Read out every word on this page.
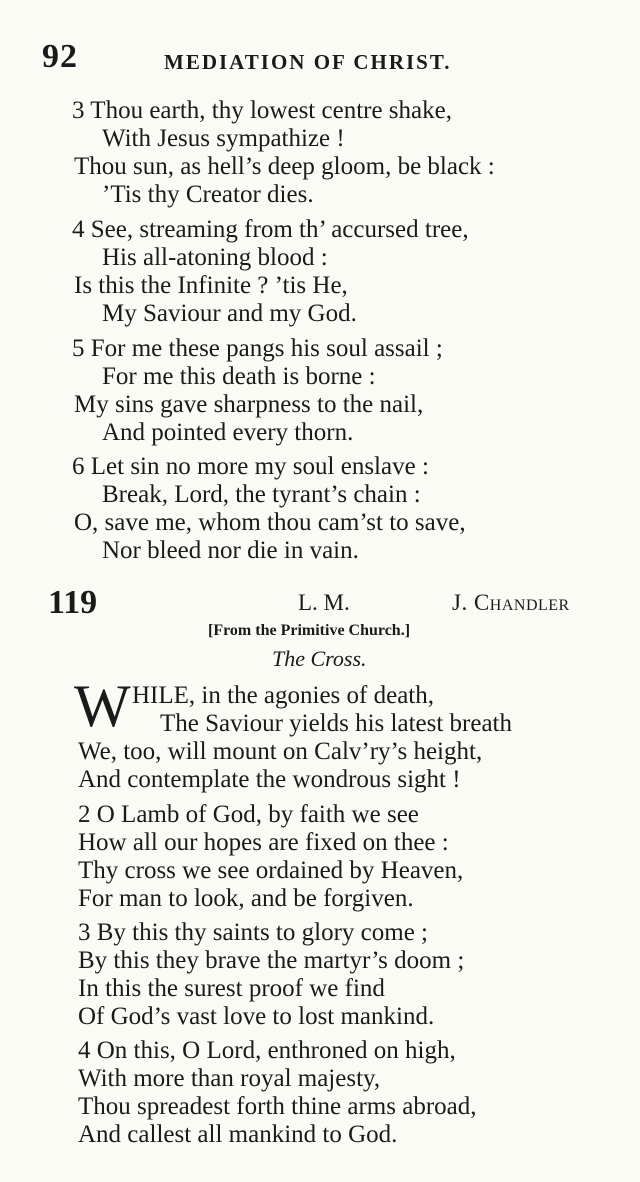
92	MEDIATION OF CHRIST.
3 Thou earth, thy lowest centre shake,
With Jesus sympathize !
Thou sun, as hell’s deep gloom, be black :
’Tis thy Creator dies.
4 See, streaming from th’ accursed tree,
His all-atoning blood :
Is this the Infinite ? ’tis He,
My Saviour and my God.
5 For me these pangs his soul assail ;
For me this death is borne :
My sins gave sharpness to the nail,
And pointed every thorn.
6 Let sin no more my soul enslave :
Break, Lord, the tyrant’s chain :
O, save me, whom thou cam’st to save,
Nor bleed nor die in vain.
119	L. M.	J. Chandler
[From the Primitive Church.]
The Cross.
W HILE, in the agonies of death,
The Saviour yields his latest breath
We, too, will mount on Calv’ry’s height,
And contemplate the wondrous sight !
2 O Lamb of God, by faith we see
How all our hopes are fixed on thee :
Thy cross we see ordained by Heaven,
For man to look, and be forgiven.
3 By this thy saints to glory come ;
By this they brave the martyr’s doom ;
In this the surest proof we find
Of God’s vast love to lost mankind.
4 On this, O Lord, enthroned on high,
With more than royal majesty,
Thou spreadest forth thine arms abroad,
And callest all mankind to God.
